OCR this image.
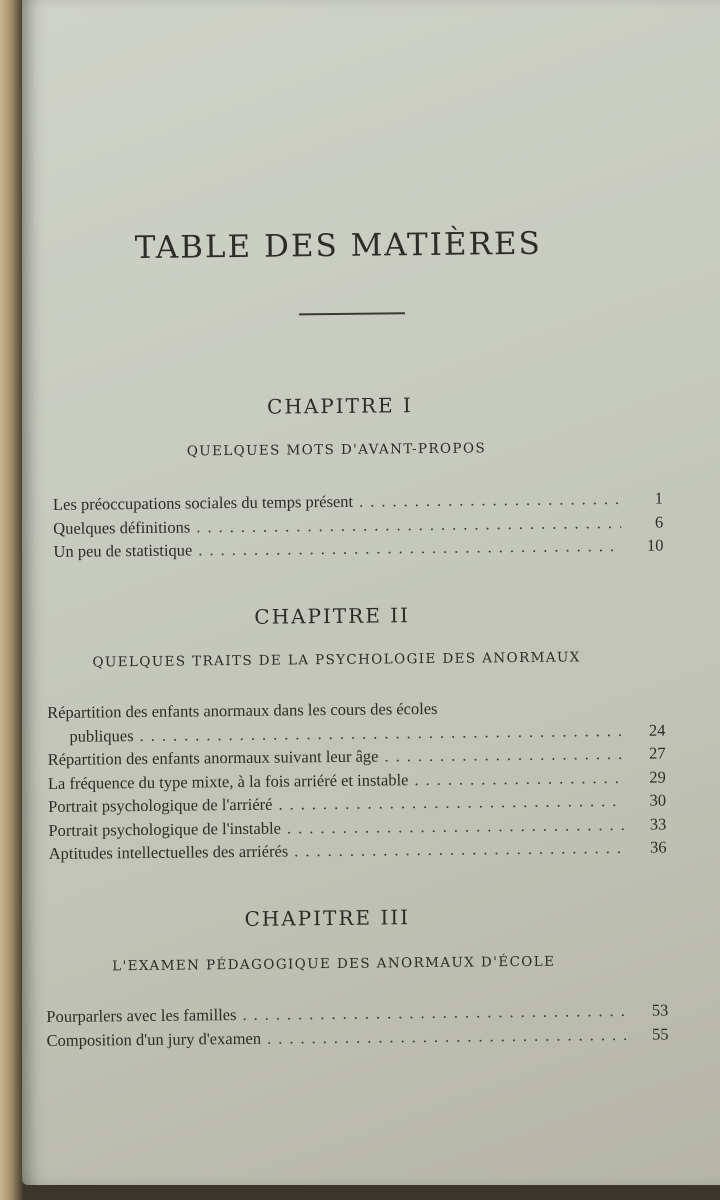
TABLE DES MATIÈRES
CHAPITRE I

QUELQUES MOTS D'AVANT-PROPOS

Les préoccupations sociales du temps présent .....	1
Quelques définitions .....	6
Un peu de statistique .....	10
CHAPITRE II

QUELQUES TRAITS DE LA PSYCHOLOGIE DES ANORMAUX

Répartition des enfants anormaux dans les cours des écoles
publiques .....	24
Répartition des enfants anormaux suivant leur âge .....	27
La fréquence du type mixte, à la fois arriéré et instable .....	29
Portrait psychologique de l'arriéré .....	30
Portrait psychologique de l'instable .....	33
Aptitudes intellectuelles des arriérés .....	36
CHAPITRE III

L'EXAMEN PÉDAGOGIQUE DES ANORMAUX D'ÉCOLE

Pourparlers avec les familles .....	53
Composition d'un jury d'examen .....	55
